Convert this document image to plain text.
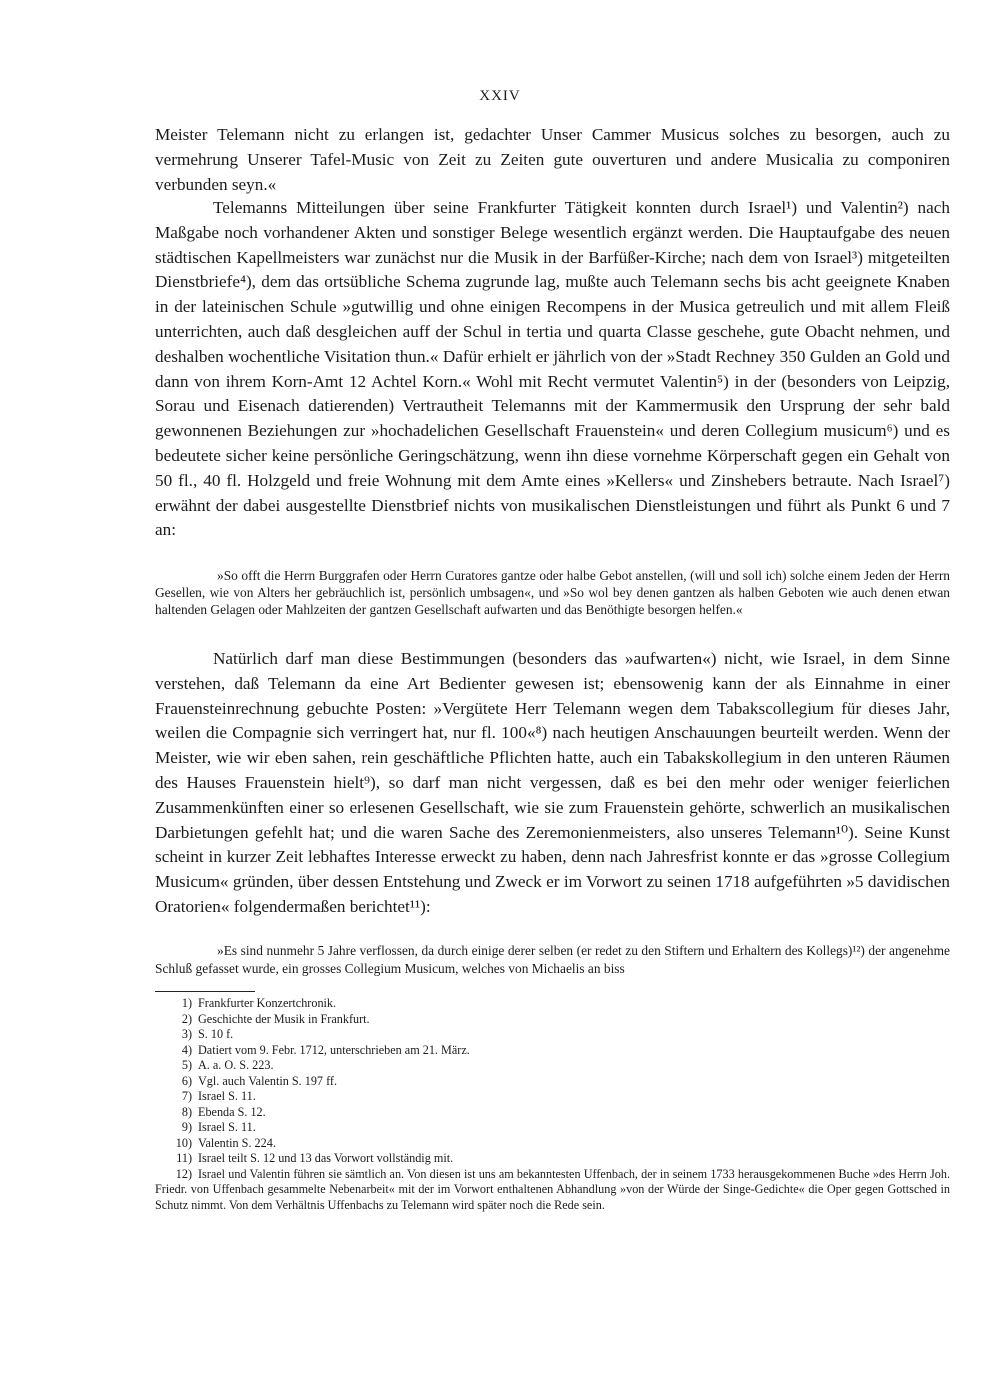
XXIV

Meister Telemann nicht zu erlangen ist, gedachter Unser Cammer Musicus solches zu besorgen, auch zu vermehrung Unserer Tafel-Music von Zeit zu Zeiten gute ouverturen und andere Musicalia zu componiren verbunden seyn.«

Telemanns Mitteilungen über seine Frankfurter Tätigkeit konnten durch Israel¹) und Valentin²) nach Maßgabe noch vorhandener Akten und sonstiger Belege wesentlich ergänzt werden. Die Hauptaufgabe des neuen städtischen Kapellmeisters war zunächst nur die Musik in der Barfüßer-Kirche; nach dem von Israel³) mitgeteilten Dienstbriefe⁴), dem das ortsübliche Schema zugrunde lag, mußte auch Telemann sechs bis acht geeignete Knaben in der lateinischen Schule »gutwillig und ohne einigen Recompens in der Musica getreulich und mit allem Fleiß unterrichten, auch daß desgleichen auff der Schul in tertia und quarta Classe geschehe, gute Obacht nehmen, und deshalben wochentliche Visitation thun.« Dafür erhielt er jährlich von der »Stadt Rechney 350 Gulden an Gold und dann von ihrem Korn-Amt 12 Achtel Korn.« Wohl mit Recht vermutet Valentin⁵) in der (besonders von Leipzig, Sorau und Eisenach datierenden) Vertrautheit Telemanns mit der Kammermusik den Ursprung der sehr bald gewonnenen Beziehungen zur »hochadelichen Gesellschaft Frauenstein« und deren Collegium musicum⁶) und es bedeutete sicher keine persönliche Geringschätzung, wenn ihn diese vornehme Körperschaft gegen ein Gehalt von 50 fl., 40 fl. Holzgeld und freie Wohnung mit dem Amte eines »Kellers« und Zinshebers betraute. Nach Israel⁷) erwähnt der dabei ausgestellte Dienstbrief nichts von musikalischen Dienstleistungen und führt als Punkt 6 und 7 an:

»So offt die Herrn Burggrafen oder Herrn Curatores gantze oder halbe Gebot anstellen, (will und soll ich) solche einem Jeden der Herrn Gesellen, wie von Alters her gebräuchlich ist, persönlich umbsagen«, und »So wol bey denen gantzen als halben Geboten wie auch denen etwan haltenden Gelagen oder Mahlzeiten der gantzen Gesellschaft aufwarten und das Benöthigte besorgen helfen.«

Natürlich darf man diese Bestimmungen (besonders das »aufwarten«) nicht, wie Israel, in dem Sinne verstehen, daß Telemann da eine Art Bedienter gewesen ist; ebensowenig kann der als Einnahme in einer Frauensteinrechnung gebuchte Posten: »Vergütete Herr Telemann wegen dem Tabakscollegium für dieses Jahr, weilen die Compagnie sich verringert hat, nur fl. 100«⁸) nach heutigen Anschauungen beurteilt werden. Wenn der Meister, wie wir eben sahen, rein geschäftliche Pflichten hatte, auch ein Tabakskollegium in den unteren Räumen des Hauses Frauenstein hielt⁹), so darf man nicht vergessen, daß es bei den mehr oder weniger feierlichen Zusammenkünften einer so erlesenen Gesellschaft, wie sie zum Frauenstein gehörte, schwerlich an musikalischen Darbietungen gefehlt hat; und die waren Sache des Zeremonienmeisters, also unseres Telemann¹⁰). Seine Kunst scheint in kurzer Zeit lebhaftes Interesse erweckt zu haben, denn nach Jahresfrist konnte er das »grosse Collegium Musicum« gründen, über dessen Entstehung und Zweck er im Vorwort zu seinen 1718 aufgeführten »5 davidischen Oratorien« folgendermaßen berichtet¹¹):

»Es sind nunmehr 5 Jahre verflossen, da durch einige derer selben (er redet zu den Stiftern und Erhaltern des Kollegs)¹²) der angenehme Schluß gefasset wurde, ein grosses Collegium Musicum, welches von Michaelis an biss

1) Frankfurter Konzertchronik.
2) Geschichte der Musik in Frankfurt.
3) S. 10 f.
4) Datiert vom 9. Febr. 1712, unterschrieben am 21. März.
5) A. a. O. S. 223.
6) Vgl. auch Valentin S. 197 ff.
7) Israel S. 11.
8) Ebenda S. 12.
9) Israel S. 11.
10) Valentin S. 224.
11) Israel teilt S. 12 und 13 das Vorwort vollständig mit.
12) Israel und Valentin führen sie sämtlich an. Von diesen ist uns am bekanntesten Uffenbach, der in seinem 1733 herausgekommenen Buche »des Herrn Joh. Friedr. von Uffenbach gesammelte Nebenarbeit« mit der im Vorwort enthaltenen Abhandlung »von der Würde der Singe-Gedichte« die Oper gegen Gottsched in Schutz nimmt. Von dem Verhältnis Uffenbachs zu Telemann wird später noch die Rede sein.
